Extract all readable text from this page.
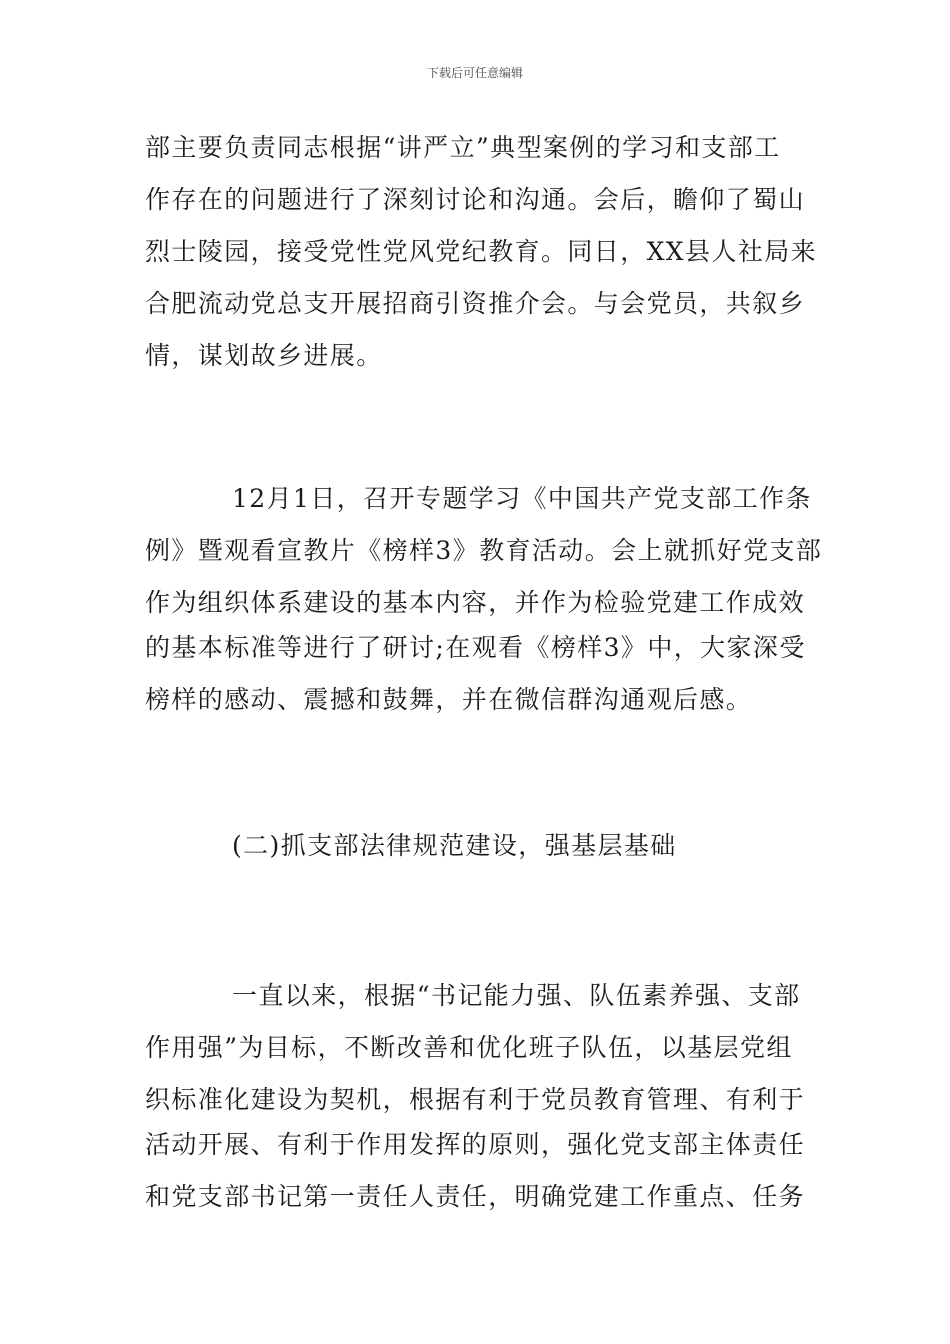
下载后可任意编辑
部主要负责同志根据“讲严立”典型案例的学习和支部工
作存在的问题进行了深刻讨论和沟通。会后，瞻仰了蜀山
烈士陵园，接受党性党风党纪教育。同日，XX县人社局来
合肥流动党总支开展招商引资推介会。与会党员，共叙乡
情，谋划故乡进展。
12月1日，召开专题学习《中国共产党支部工作条
例》暨观看宣教片《榜样3》教育活动。会上就抓好党支部
作为组织体系建设的基本内容，并作为检验党建工作成效
的基本标准等进行了研讨;在观看《榜样3》中，大家深受
榜样的感动、震撼和鼓舞，并在微信群沟通观后感。
(二)抓支部法律规范建设，强基层基础
一直以来，根据“书记能力强、队伍素养强、支部
作用强”为目标，不断改善和优化班子队伍，以基层党组
织标准化建设为契机，根据有利于党员教育管理、有利于
活动开展、有利于作用发挥的原则，强化党支部主体责任
和党支部书记第一责任人责任，明确党建工作重点、任务
